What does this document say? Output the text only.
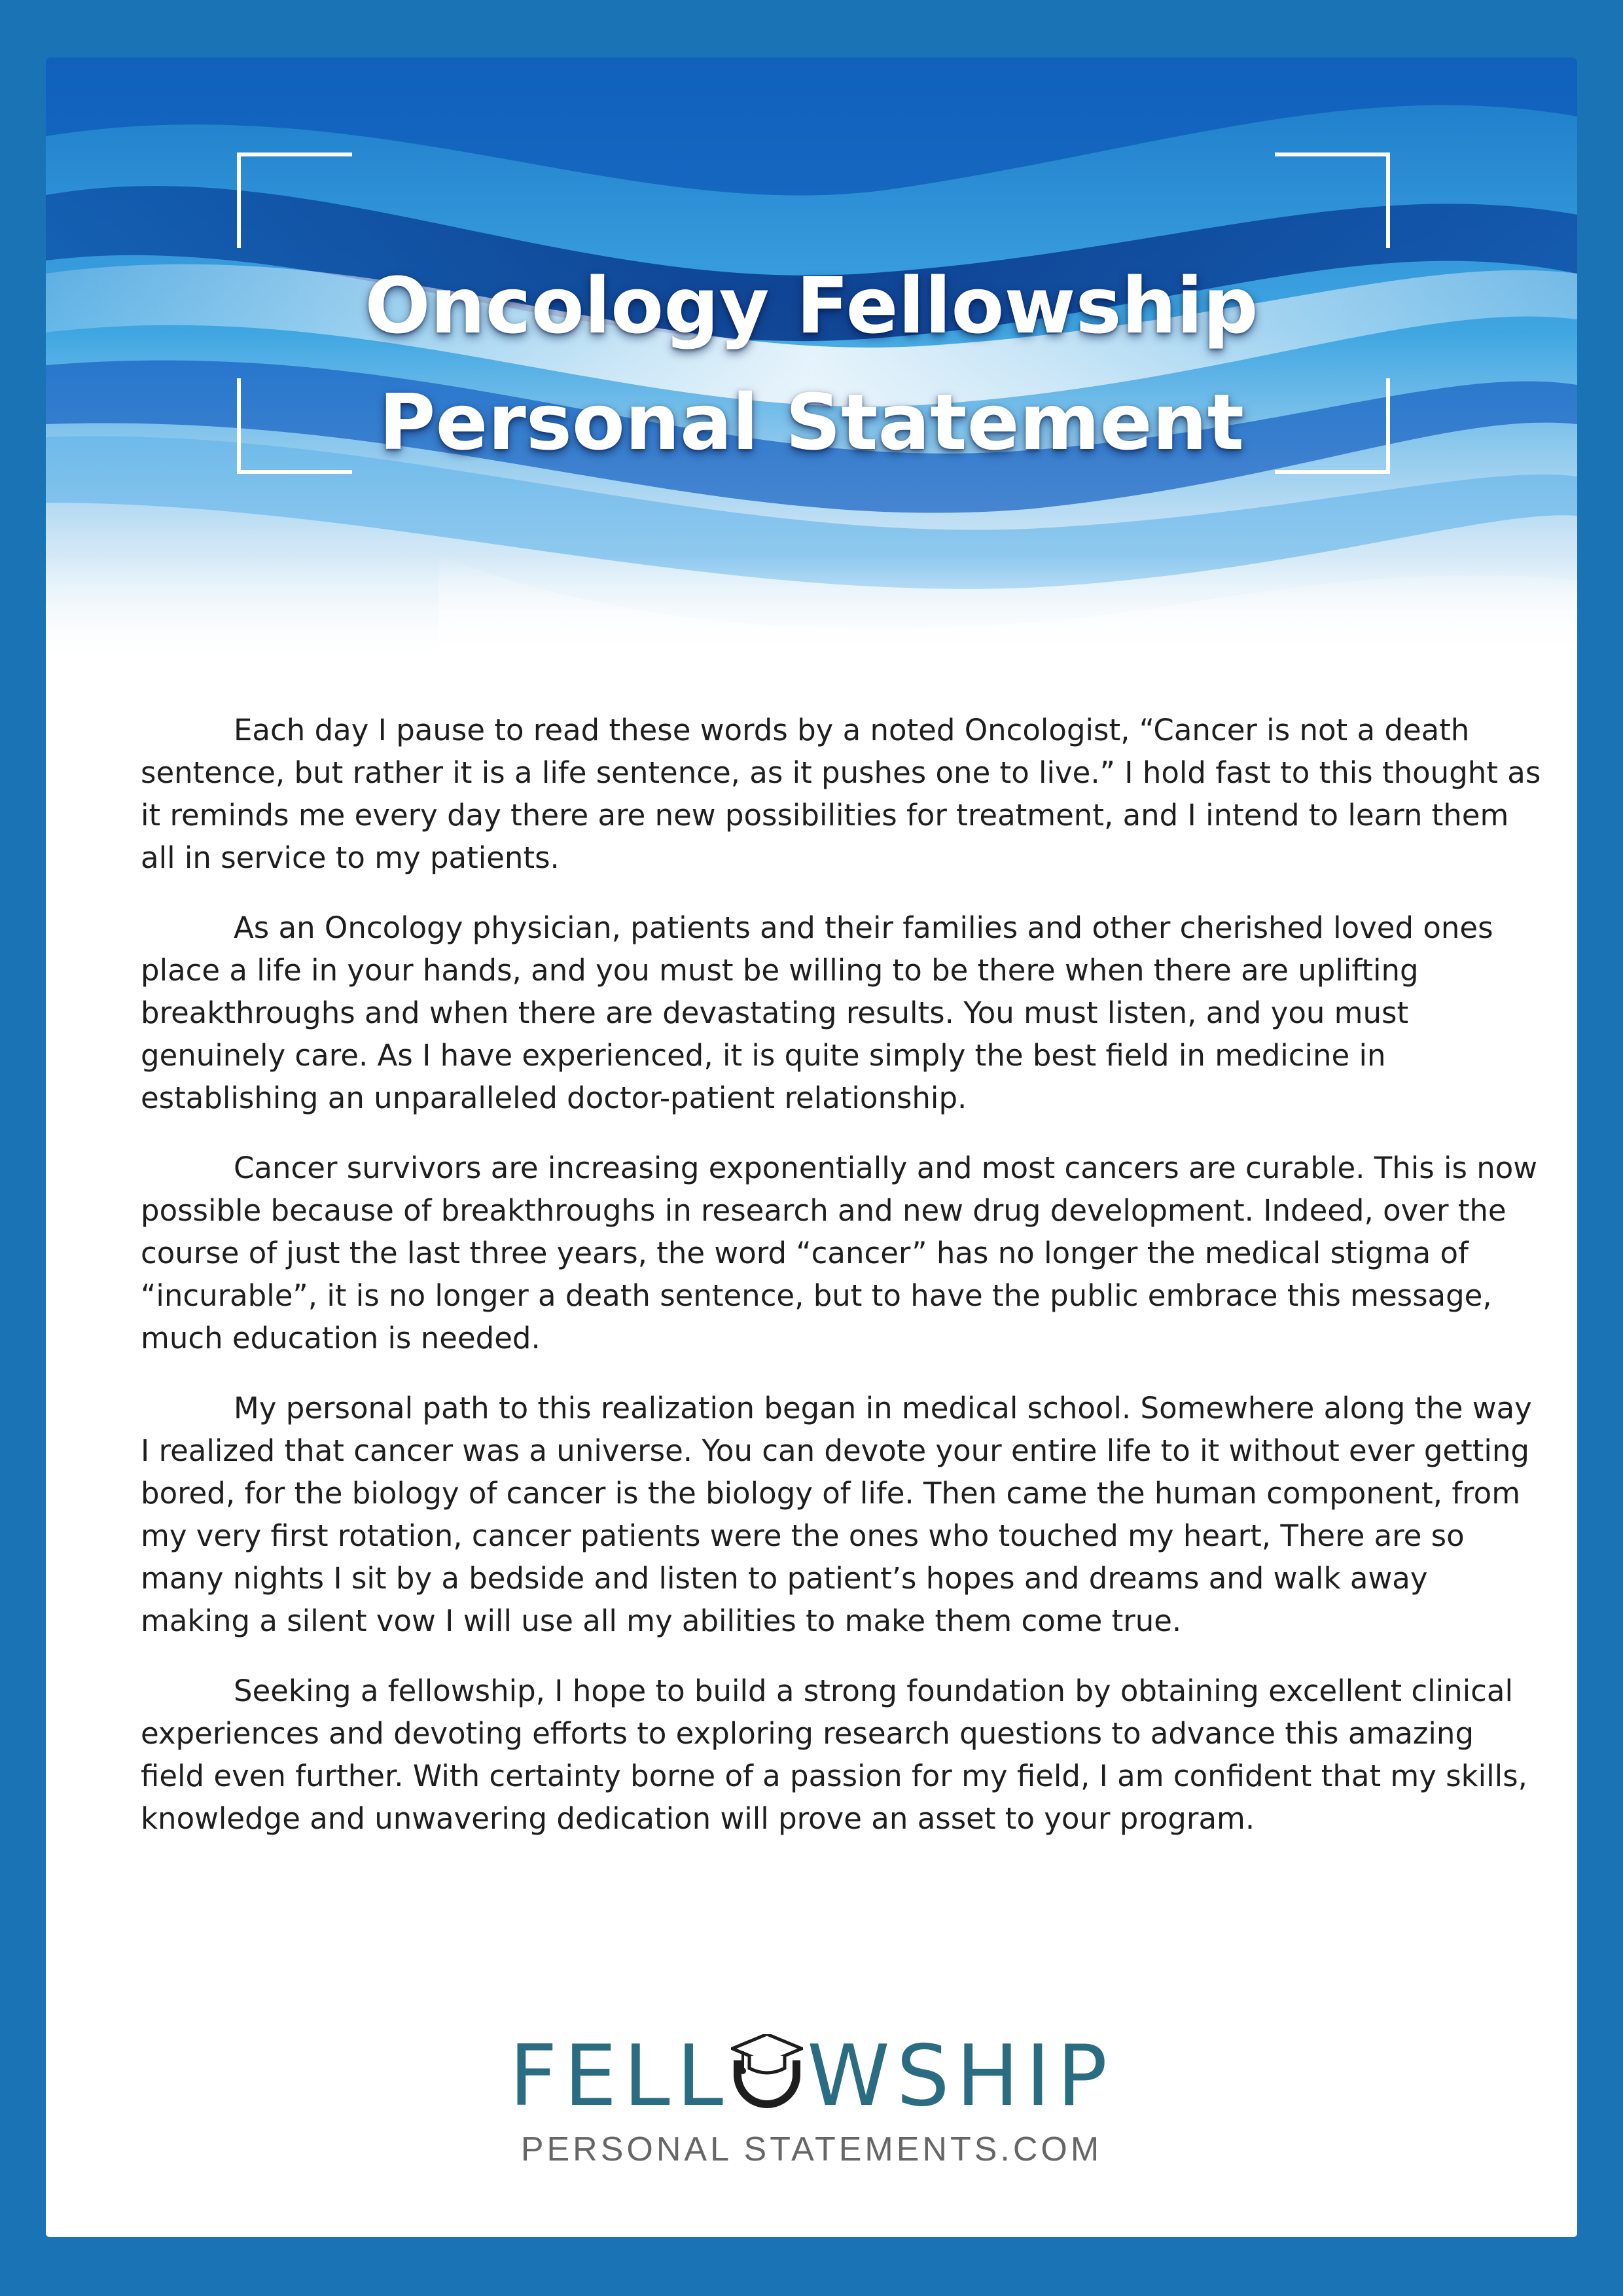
Oncology Fellowship
Personal Statement

Each day I pause to read these words by a noted Oncologist, “Cancer is not a death sentence, but rather it is a life sentence, as it pushes one to live.” I hold fast to this thought as it reminds me every day there are new possibilities for treatment, and I intend to learn them all in service to my patients.

As an Oncology physician, patients and their families and other cherished loved ones place a life in your hands, and you must be willing to be there when there are uplifting breakthroughs and when there are devastating results. You must listen, and you must genuinely care. As I have experienced, it is quite simply the best field in medicine in establishing an unparalleled doctor-patient relationship.

Cancer survivors are increasing exponentially and most cancers are curable. This is now possible because of breakthroughs in research and new drug development. Indeed, over the course of just the last three years, the word “cancer” has no longer the medical stigma of “incurable”, it is no longer a death sentence, but to have the public embrace this message, much education is needed.

My personal path to this realization began in medical school. Somewhere along the way I realized that cancer was a universe. You can devote your entire life to it without ever getting bored, for the biology of cancer is the biology of life. Then came the human component, from my very first rotation, cancer patients were the ones who touched my heart, There are so many nights I sit by a bedside and listen to patient’s hopes and dreams and walk away making a silent vow I will use all my abilities to make them come true.

Seeking a fellowship, I hope to build a strong foundation by obtaining excellent clinical experiences and devoting efforts to exploring research questions to advance this amazing field even further. With certainty borne of a passion for my field, I am confident that my skills, knowledge and unwavering dedication will prove an asset to your program.

FELL WSHIP
PERSONAL STATEMENTS.COM
